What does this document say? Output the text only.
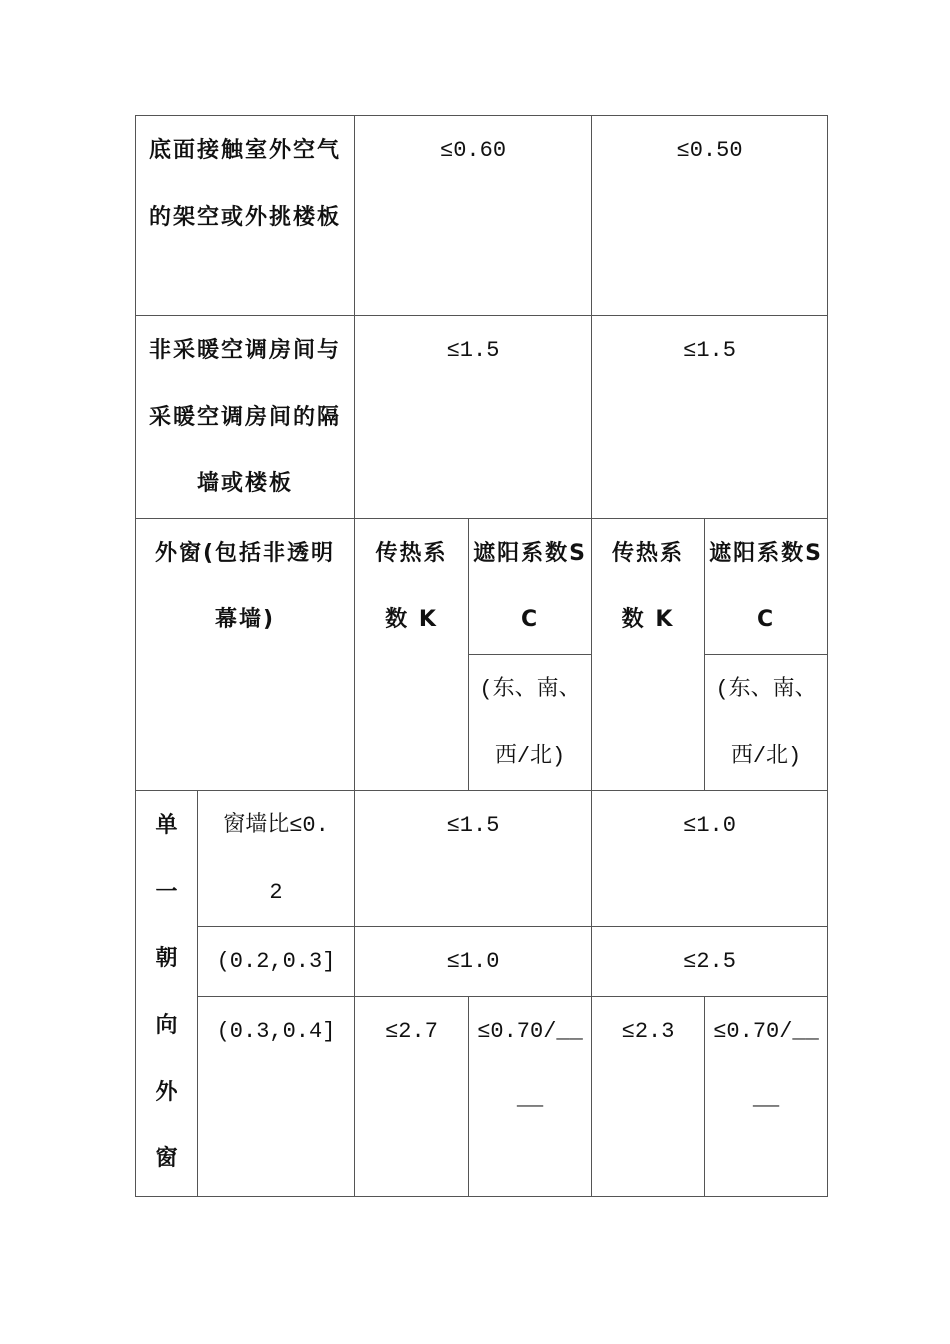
底面接触室外空气的架空或外挑楼板		≤0.60		≤0.50	
非采暖空调房间与采暖空调房间的隔墙或楼板		≤1.5		≤1.5	
外窗(包括非透明幕墙)		传热系数 K	遮阳系数SC	传热系数 K	遮阳系数SC
			(东、南、西/北)		(东、南、西/北)
单一朝向外窗	窗墙比≤0.2	≤1.5		≤1.0	
	(0.2,0.3]	≤1.0		≤2.5	
	(0.3,0.4]	≤2.7	≤0.70/____	≤2.3	≤0.70/____
